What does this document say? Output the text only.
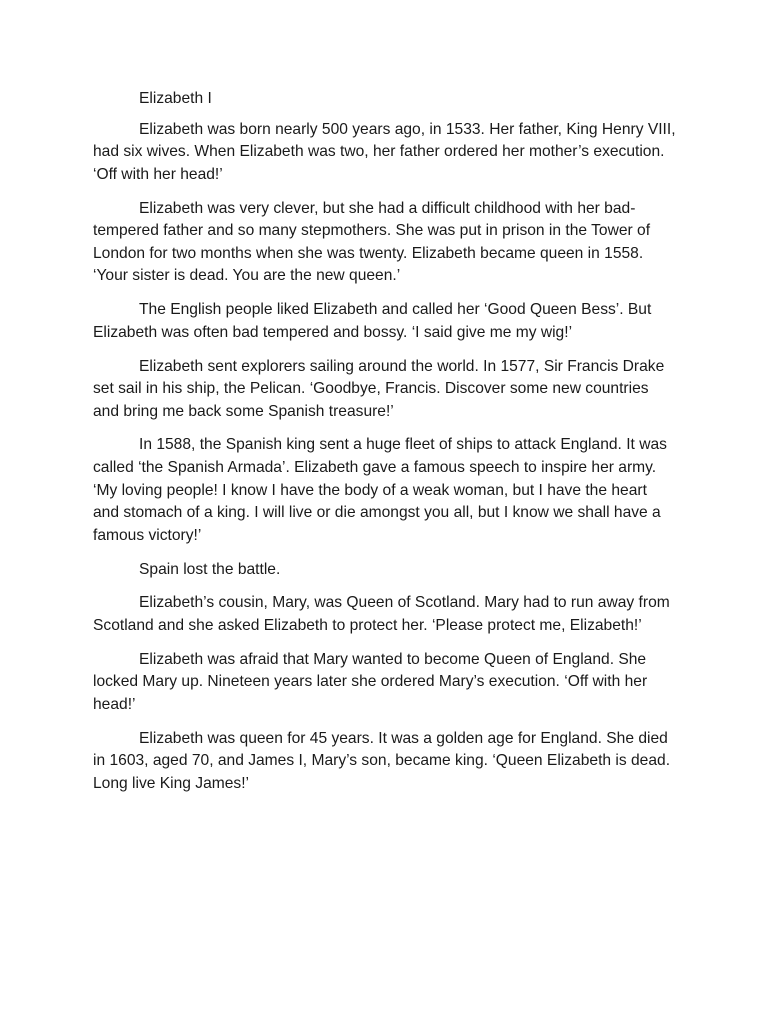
Elizabeth I

Elizabeth was born nearly 500 years ago, in 1533. Her father, King Henry VIII, had six wives. When Elizabeth was two, her father ordered her mother’s execution. ‘Off with her head!’

Elizabeth was very clever, but she had a difficult childhood with her bad-tempered father and so many stepmothers. She was put in prison in the Tower of London for two months when she was twenty. Elizabeth became queen in 1558. ‘Your sister is dead. You are the new queen.’

The English people liked Elizabeth and called her ‘Good Queen Bess’. But Elizabeth was often bad tempered and bossy. ‘I said give me my wig!’

Elizabeth sent explorers sailing around the world. In 1577, Sir Francis Drake set sail in his ship, the Pelican. ‘Goodbye, Francis. Discover some new countries and bring me back some Spanish treasure!’

In 1588, the Spanish king sent a huge fleet of ships to attack England. It was called ‘the Spanish Armada’. Elizabeth gave a famous speech to inspire her army. ‘My loving people! I know I have the body of a weak woman, but I have the heart and stomach of a king. I will live or die amongst you all, but I know we shall have a famous victory!’

Spain lost the battle.

Elizabeth’s cousin, Mary, was Queen of Scotland. Mary had to run away from Scotland and she asked Elizabeth to protect her. ‘Please protect me, Elizabeth!’

Elizabeth was afraid that Mary wanted to become Queen of England. She locked Mary up. Nineteen years later she ordered Mary’s execution. ‘Off with her head!’

Elizabeth was queen for 45 years. It was a golden age for England. She died in 1603, aged 70, and James I, Mary’s son, became king. ‘Queen Elizabeth is dead. Long live King James!’
